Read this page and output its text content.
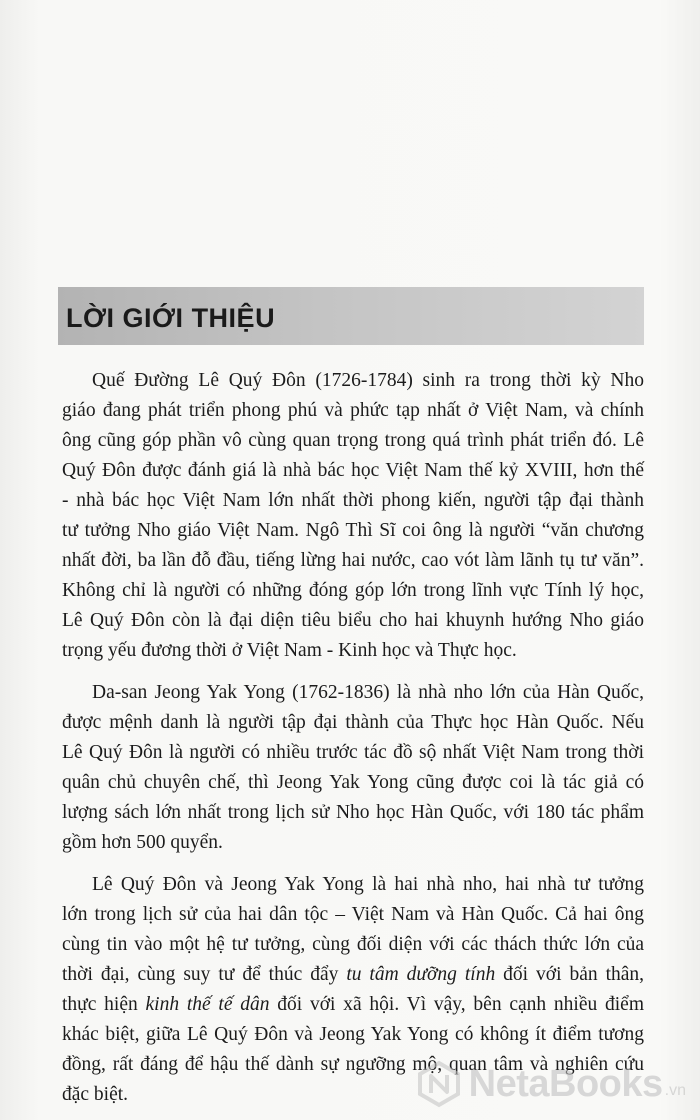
LỜI GIỚI THIỆU
Quế Đường Lê Quý Đôn (1726-1784) sinh ra trong thời kỳ Nho
giáo đang phát triển phong phú và phức tạp nhất ở Việt Nam, và chính
ông cũng góp phần vô cùng quan trọng trong quá trình phát triển đó. Lê
Quý Đôn được đánh giá là nhà bác học Việt Nam thế kỷ XVIII, hơn thế
- nhà bác học Việt Nam lớn nhất thời phong kiến, người tập đại thành
tư tưởng Nho giáo Việt Nam. Ngô Thì Sĩ coi ông là người “văn chương
nhất đời, ba lần đỗ đầu, tiếng lừng hai nước, cao vót làm lãnh tụ tư văn”.
Không chỉ là người có những đóng góp lớn trong lĩnh vực Tính lý học,
Lê Quý Đôn còn là đại diện tiêu biểu cho hai khuynh hướng Nho giáo
trọng yếu đương thời ở Việt Nam - Kinh học và Thực học.
Da-san Jeong Yak Yong (1762-1836) là nhà nho lớn của Hàn Quốc,
được mệnh danh là người tập đại thành của Thực học Hàn Quốc. Nếu
Lê Quý Đôn là người có nhiều trước tác đồ sộ nhất Việt Nam trong thời
quân chủ chuyên chế, thì Jeong Yak Yong cũng được coi là tác giả có
lượng sách lớn nhất trong lịch sử Nho học Hàn Quốc, với 180 tác phẩm
gồm hơn 500 quyển.
Lê Quý Đôn và Jeong Yak Yong là hai nhà nho, hai nhà tư tưởng
lớn trong lịch sử của hai dân tộc – Việt Nam và Hàn Quốc. Cả hai ông
cùng tin vào một hệ tư tưởng, cùng đối diện với các thách thức lớn của
thời đại, cùng suy tư để thúc đẩy tu tâm dưỡng tính đối với bản thân,
thực hiện kinh thế tế dân đối với xã hội. Vì vậy, bên cạnh nhiều điểm
khác biệt, giữa Lê Quý Đôn và Jeong Yak Yong có không ít điểm tương
đồng, rất đáng để hậu thế dành sự ngưỡng mộ, quan tâm và nghiên cứu
đặc biệt.	NetaBooks .vn
